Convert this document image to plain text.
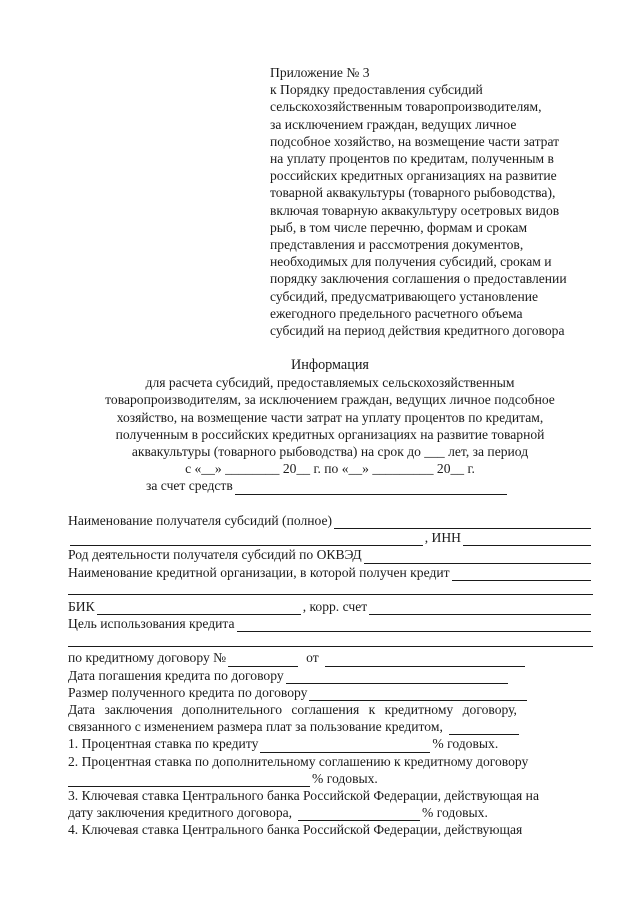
Приложение № 3
к Порядку предоставления субсидий
сельскохозяйственным товаропроизводителям,
за исключением граждан, ведущих личное
подсобное хозяйство, на возмещение части затрат
на уплату процентов по кредитам, полученным в
российских кредитных организациях на развитие
товарной аквакультуры (товарного рыбоводства),
включая товарную аквакультуру осетровых видов
рыб, в том числе перечню, формам и срокам
представления и рассмотрения документов,
необходимых для получения субсидий, срокам и
порядку заключения соглашения о предоставлении
субсидий, предусматривающего установление
ежегодного предельного расчетного объема
субсидий на период действия кредитного договора
Информация
для расчета субсидий, предоставляемых сельскохозяйственным
товаропроизводителям, за исключением граждан, ведущих личное подсобное
хозяйство, на возмещение части затрат на уплату процентов по кредитам,
полученным в российских кредитных организациях на развитие товарной
аквакультуры (товарного рыбоводства) на срок до ___ лет, за период
с «__» ________ 20__ г. по «__» _________ 20__ г.
за счет средств
Наименование получателя субсидий (полное)
, ИНН
Род деятельности получателя субсидий по ОКВЭД
Наименование кредитной организации, в которой получен кредит
БИК	, корр. счет
Цель использования кредита
по кредитному договору №	от
Дата погашения кредита по договору
Размер полученного кредита по договору
Дата заключения дополнительного соглашения к кредитному договору,
связанного с изменением размера плат за пользование кредитом,
1. Процентная ставка по кредиту	% годовых.
2. Процентная ставка по дополнительному соглашению к кредитному договору
% годовых.
3. Ключевая ставка Центрального банка Российской Федерации, действующая на
дату заключения кредитного договора,	% годовых.
4. Ключевая ставка Центрального банка Российской Федерации, действующая
